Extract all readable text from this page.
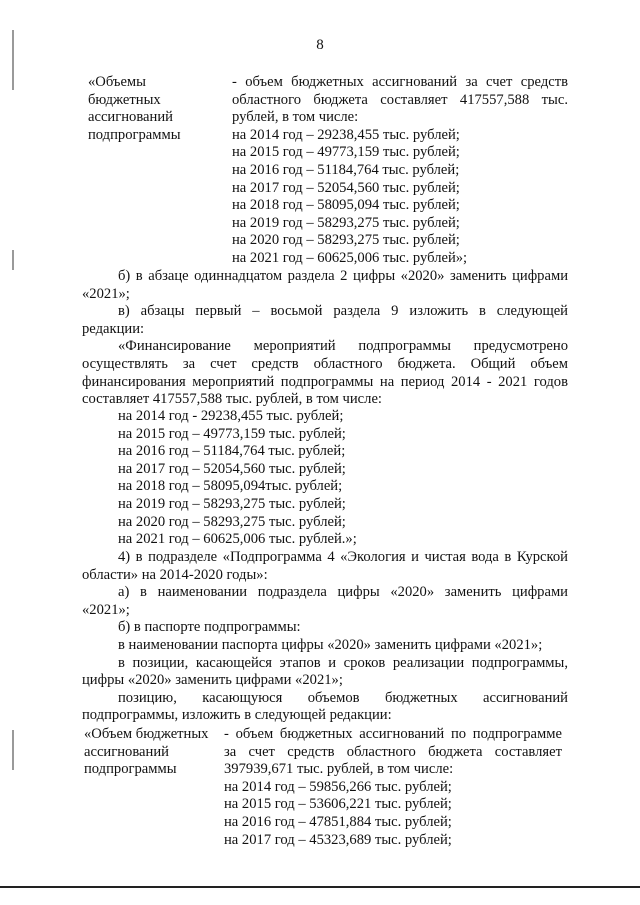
8
«Объемы
бюджетных
ассигнований
подпрограммы
- объем бюджетных ассигнований за счет средств
областного бюджета составляет 417557,588 тыс.
рублей, в том числе:
на 2014 год – 29238,455 тыс. рублей;
на 2015 год – 49773,159 тыс. рублей;
на 2016 год – 51184,764 тыс. рублей;
на 2017 год – 52054,560 тыс. рублей;
на 2018 год – 58095,094 тыс. рублей;
на 2019 год – 58293,275 тыс. рублей;
на 2020 год – 58293,275 тыс. рублей;
на 2021 год – 60625,006 тыс. рублей»;
б) в абзаце одиннадцатом раздела 2 цифры «2020» заменить цифрами
«2021»;
в) абзацы первый – восьмой раздела 9 изложить в следующей
редакции:
«Финансирование мероприятий подпрограммы предусмотрено
осуществлять за счет средств областного бюджета. Общий объем
финансирования мероприятий подпрограммы на период 2014 - 2021 годов
составляет 417557,588 тыс. рублей, в том числе:
на 2014 год - 29238,455 тыс. рублей;
на 2015 год – 49773,159 тыс. рублей;
на 2016 год – 51184,764 тыс. рублей;
на 2017 год – 52054,560 тыс. рублей;
на 2018 год – 58095,094тыс. рублей;
на 2019 год – 58293,275 тыс. рублей;
на 2020 год – 58293,275 тыс. рублей;
на 2021 год – 60625,006 тыс. рублей.»;
4) в подразделе «Подпрограмма 4 «Экология и чистая вода в Курской
области» на 2014-2020 годы»:
а) в наименовании подраздела цифры «2020» заменить цифрами
«2021»;
б) в паспорте подпрограммы:
в наименовании паспорта цифры «2020» заменить цифрами «2021»;
в позиции, касающейся этапов и сроков реализации подпрограммы,
цифры «2020» заменить цифрами «2021»;
позицию, касающуюся объемов бюджетных ассигнований
подпрограммы, изложить в следующей редакции:
«Объем бюджетных
ассигнований
подпрограммы
- объем бюджетных ассигнований по подпрограмме
за счет средств областного бюджета составляет
397939,671 тыс. рублей, в том числе:
на 2014 год – 59856,266 тыс. рублей;
на 2015 год – 53606,221 тыс. рублей;
на 2016 год – 47851,884 тыс. рублей;
на 2017 год – 45323,689 тыс. рублей;
